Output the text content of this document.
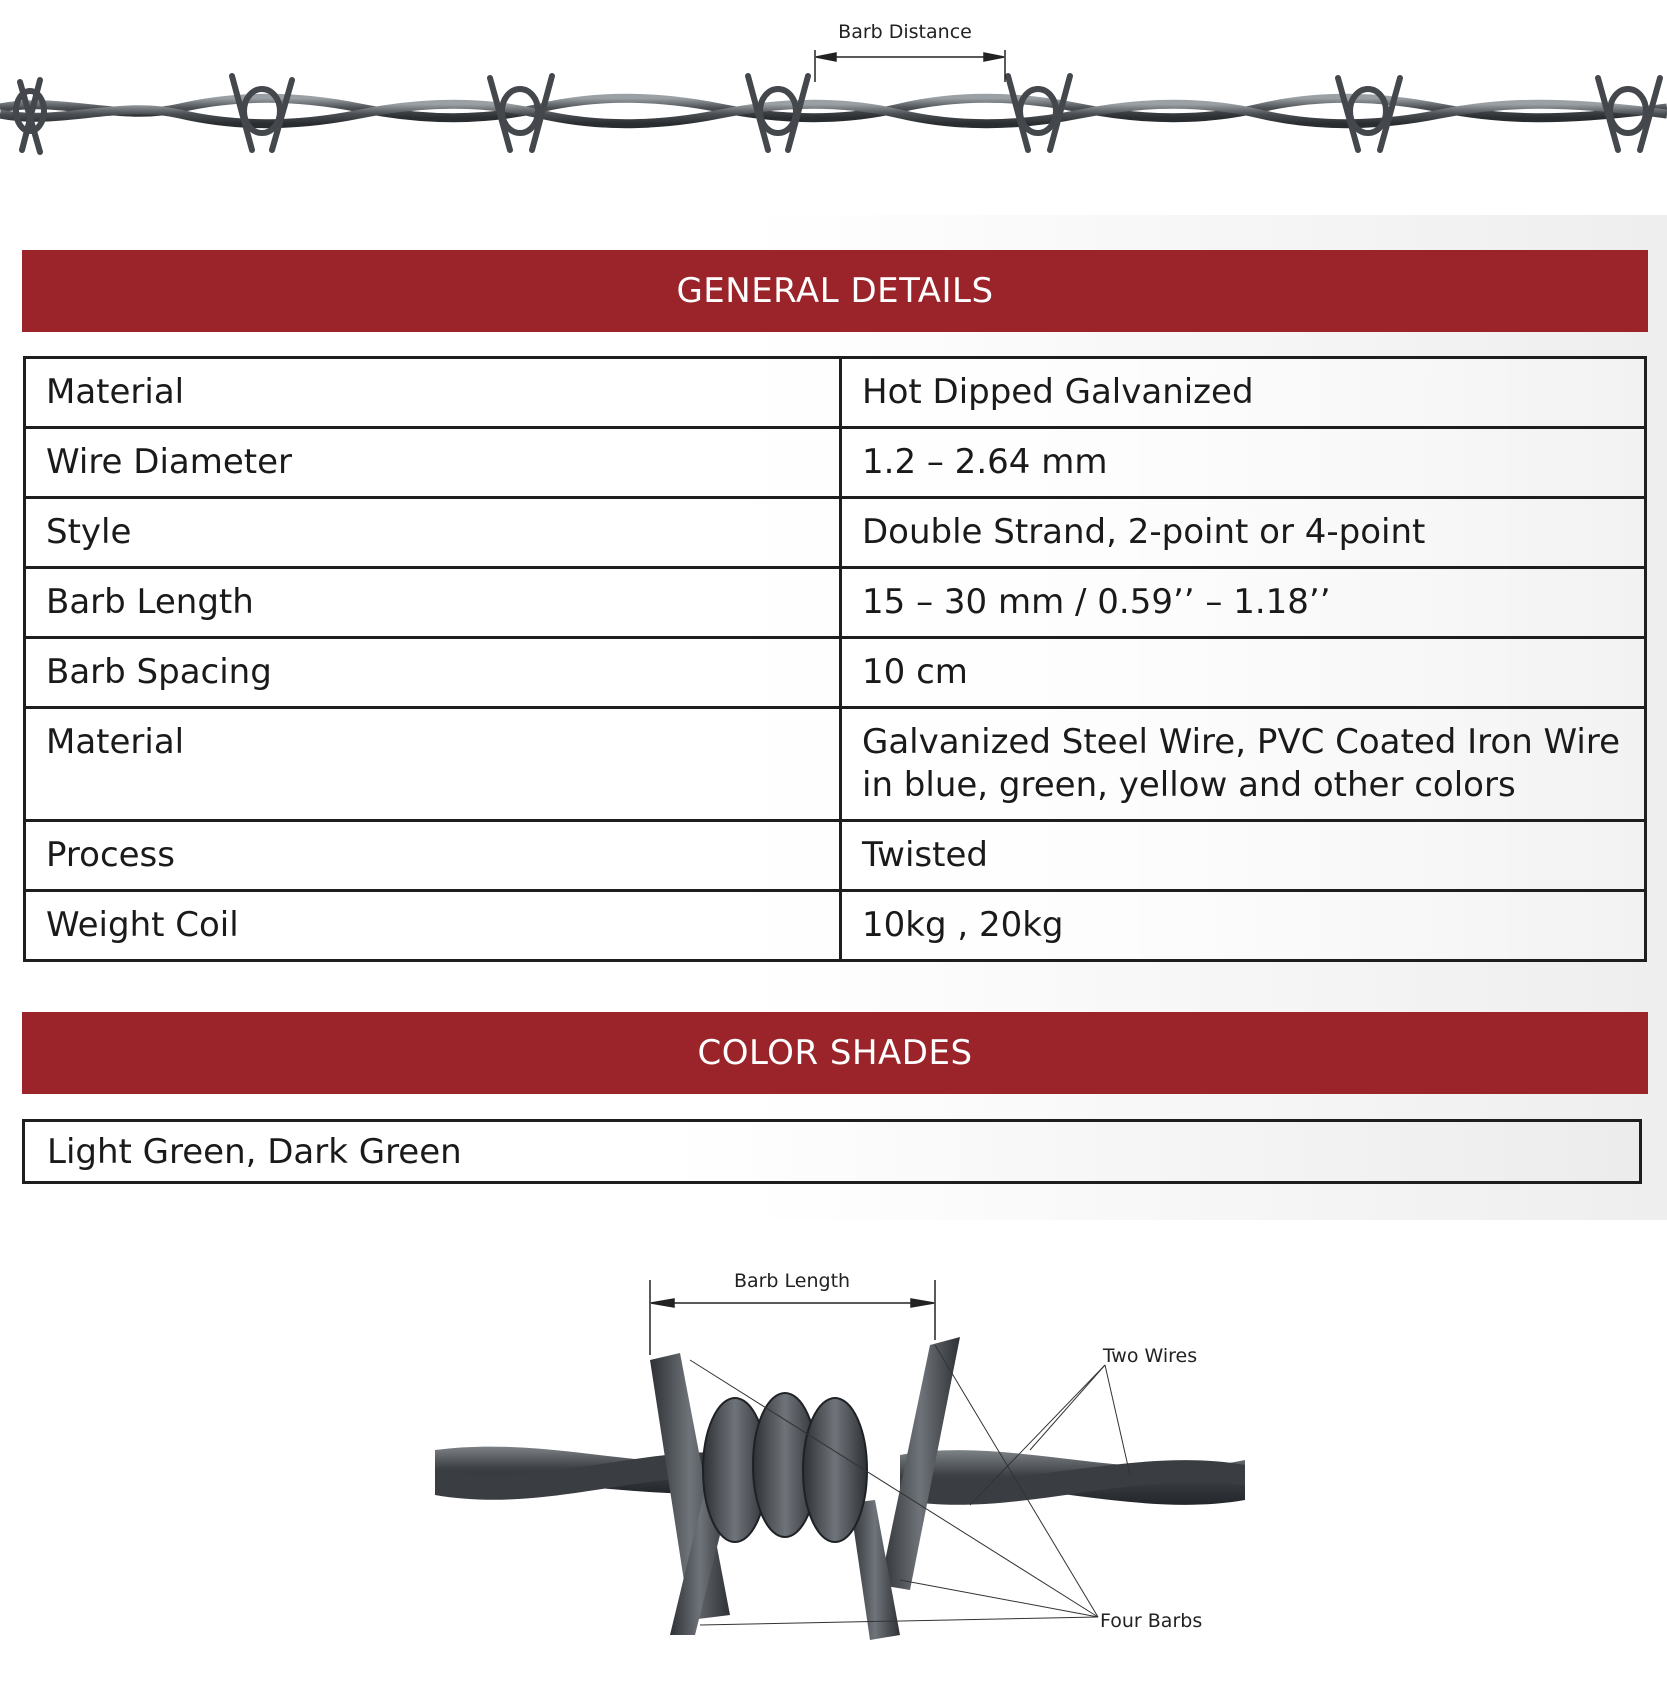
Barb Distance
GENERAL DETAILS
Material	Hot Dipped Galvanized
Wire Diameter	1.2 – 2.64 mm
Style	Double Strand, 2-point or 4-point
Barb Length	15 – 30 mm / 0.59’’ – 1.18’’
Barb Spacing	10 cm
Material	Galvanized Steel Wire, PVC Coated Iron Wire in blue, green, yellow and other colors
Process	Twisted
Weight Coil	10kg , 20kg
COLOR SHADES
Light Green, Dark Green
Barb Length
Two Wires
Four Barbs
